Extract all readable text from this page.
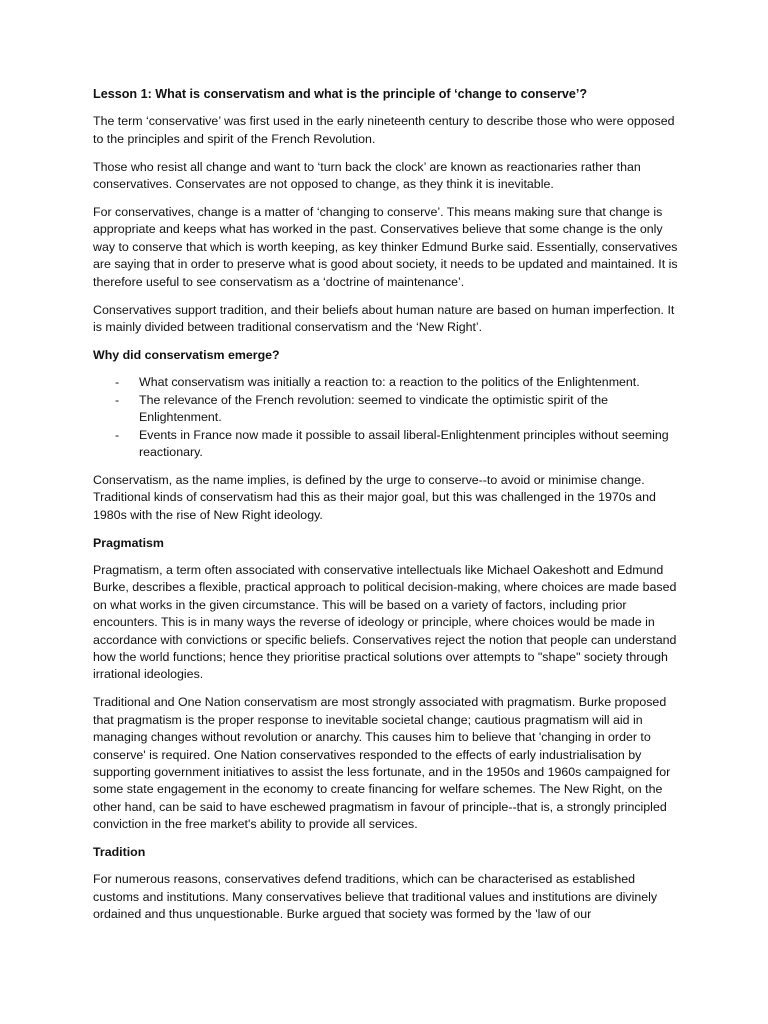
Lesson 1: What is conservatism and what is the principle of ‘change to conserve’?

The term ‘conservative’ was first used in the early nineteenth century to describe those who were opposed to the principles and spirit of the French Revolution.

Those who resist all change and want to ‘turn back the clock’ are known as reactionaries rather than conservatives. Conservates are not opposed to change, as they think it is inevitable.

For conservatives, change is a matter of ‘changing to conserve’. This means making sure that change is appropriate and keeps what has worked in the past. Conservatives believe that some change is the only way to conserve that which is worth keeping, as key thinker Edmund Burke said. Essentially, conservatives are saying that in order to preserve what is good about society, it needs to be updated and maintained. It is therefore useful to see conservatism as a ‘doctrine of maintenance’.

Conservatives support tradition, and their beliefs about human nature are based on human imperfection. It is mainly divided between traditional conservatism and the ‘New Right’.

Why did conservatism emerge?
- What conservatism was initially a reaction to: a reaction to the politics of the Enlightenment.
- The relevance of the French revolution: seemed to vindicate the optimistic spirit of the Enlightenment.
- Events in France now made it possible to assail liberal-Enlightenment principles without seeming reactionary.

Conservatism, as the name implies, is defined by the urge to conserve--to avoid or minimise change. Traditional kinds of conservatism had this as their major goal, but this was challenged in the 1970s and 1980s with the rise of New Right ideology.

Pragmatism

Pragmatism, a term often associated with conservative intellectuals like Michael Oakeshott and Edmund Burke, describes a flexible, practical approach to political decision-making, where choices are made based on what works in the given circumstance. This will be based on a variety of factors, including prior encounters. This is in many ways the reverse of ideology or principle, where choices would be made in accordance with convictions or specific beliefs. Conservatives reject the notion that people can understand how the world functions; hence they prioritise practical solutions over attempts to "shape" society through irrational ideologies.

Traditional and One Nation conservatism are most strongly associated with pragmatism. Burke proposed that pragmatism is the proper response to inevitable societal change; cautious pragmatism will aid in managing changes without revolution or anarchy. This causes him to believe that 'changing in order to conserve' is required. One Nation conservatives responded to the effects of early industrialisation by supporting government initiatives to assist the less fortunate, and in the 1950s and 1960s campaigned for some state engagement in the economy to create financing for welfare schemes. The New Right, on the other hand, can be said to have eschewed pragmatism in favour of principle--that is, a strongly principled conviction in the free market's ability to provide all services.

Tradition

For numerous reasons, conservatives defend traditions, which can be characterised as established customs and institutions. Many conservatives believe that traditional values and institutions are divinely ordained and thus unquestionable. Burke argued that society was formed by the 'law of our
